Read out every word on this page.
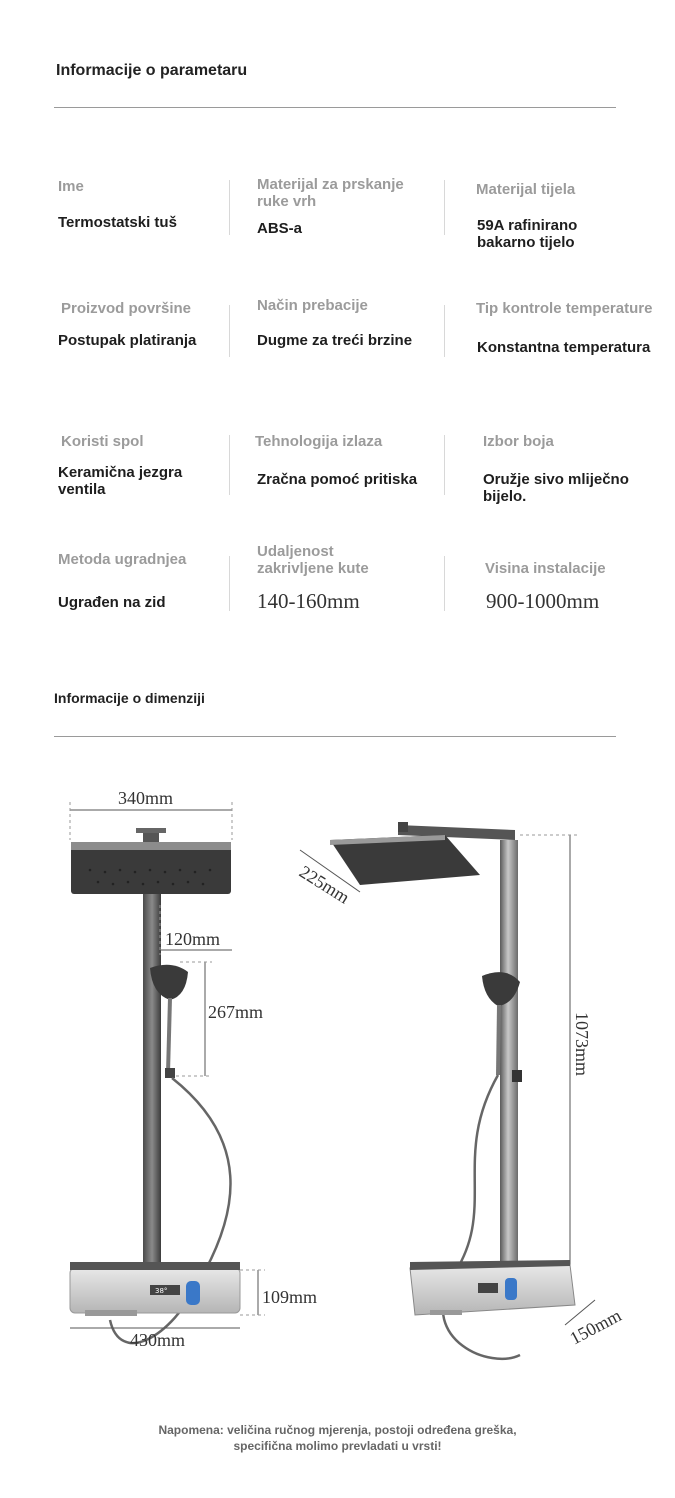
Informacije o parametaru
Ime
Termostatski tuš
Materijal za prskanje ruke vrh
ABS-a
Materijal tijela
59A rafinirano bakarno tijelo
Proizvod površine
Postupak platiranja
Način prebacije
Dugme za treći brzine
Tip kontrole temperature
Konstantna temperatura
Koristi spol
Keramična jezgra ventila
Tehnologija izlaza
Zračna pomoć pritiska
Izbor boja
Oružje sivo mliječno bijelo.
Metoda ugradnjea
Ugrađen na zid
Udaljenost zakrivljene kute
140-160mm
Visina instalacije
900-1000mm
Informacije o dimenziji
340mm
120mm
267mm
38°	109mm
430mm
225mm
1073mm
150mm
Napomena: veličina ručnog mjerenja, postoji određena greška, specifična molimo prevladati u vrsti!
